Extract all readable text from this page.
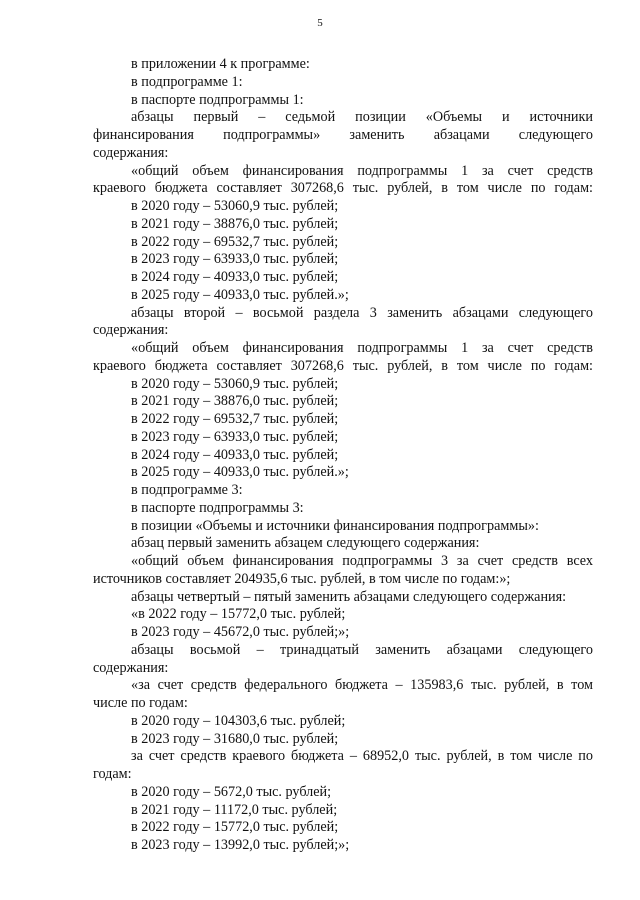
5
в приложении 4 к программе:
в подпрограмме 1:
в паспорте подпрограммы 1:
абзацы первый – седьмой позиции «Объемы и источники
финансирования подпрограммы» заменить абзацами следующего
содержания:
«общий объем финансирования подпрограммы 1 за счет средств
краевого бюджета составляет 307268,6 тыс. рублей, в том числе по годам:
в 2020 году – 53060,9 тыс. рублей;
в 2021 году – 38876,0 тыс. рублей;
в 2022 году – 69532,7 тыс. рублей;
в 2023 году – 63933,0 тыс. рублей;
в 2024 году – 40933,0 тыс. рублей;
в 2025 году – 40933,0 тыс. рублей.»;
абзацы второй – восьмой раздела 3 заменить абзацами следующего
содержания:
«общий объем финансирования подпрограммы 1 за счет средств
краевого бюджета составляет 307268,6 тыс. рублей, в том числе по годам:
в 2020 году – 53060,9 тыс. рублей;
в 2021 году – 38876,0 тыс. рублей;
в 2022 году – 69532,7 тыс. рублей;
в 2023 году – 63933,0 тыс. рублей;
в 2024 году – 40933,0 тыс. рублей;
в 2025 году – 40933,0 тыс. рублей.»;
в подпрограмме 3:
в паспорте подпрограммы 3:
в позиции «Объемы и источники финансирования подпрограммы»:
абзац первый заменить абзацем следующего содержания:
«общий объем финансирования подпрограммы 3 за счет средств всех
источников составляет 204935,6 тыс. рублей, в том числе по годам:»;
абзацы четвертый – пятый заменить абзацами следующего содержания:
«в 2022 году – 15772,0 тыс. рублей;
в 2023 году – 45672,0 тыс. рублей;»;
абзацы восьмой – тринадцатый заменить абзацами следующего
содержания:
«за счет средств федерального бюджета – 135983,6 тыс. рублей, в том
числе по годам:
в 2020 году – 104303,6 тыс. рублей;
в 2023 году – 31680,0 тыс. рублей;
за счет средств краевого бюджета – 68952,0 тыс. рублей, в том числе по
годам:
в 2020 году – 5672,0 тыс. рублей;
в 2021 году – 11172,0 тыс. рублей;
в 2022 году – 15772,0 тыс. рублей;
в 2023 году – 13992,0 тыс. рублей;»;
